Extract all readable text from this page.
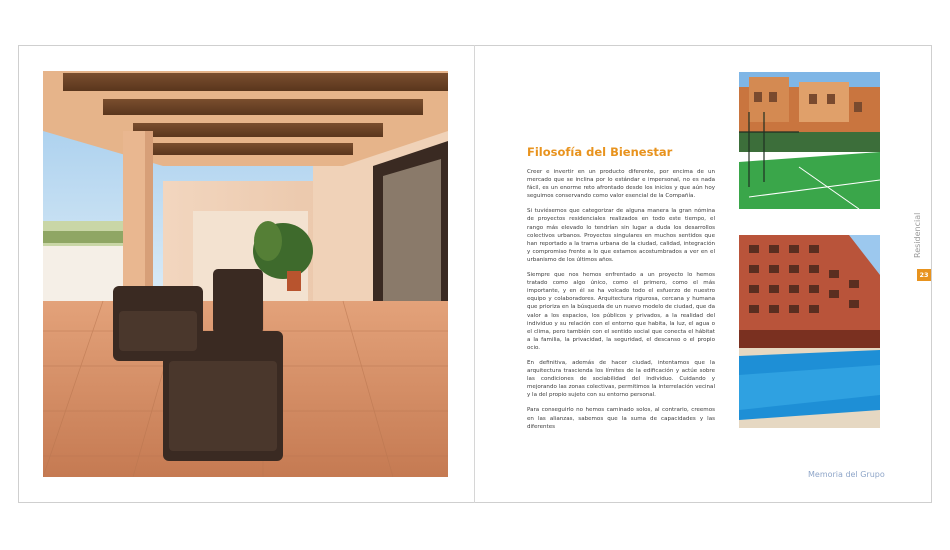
Filosofía del Bienestar

Creer e invertir en un producto diferente, por encima de un mercado que se inclina por lo estándar e impersonal, no es nada fácil, es un enorme reto afrontado desde los inicios y que aún hoy seguimos conservando como valor esencial de la Compañía.

Si tuviésemos que categorizar de alguna manera la gran nómina de proyectos residenciales realizados en todo este tiempo, el rango más elevado lo tendrían sin lugar a duda los desarrollos colectivos urbanos. Proyectos singulares en muchos sentidos que han reportado a la trama urbana de la ciudad, calidad, integración y compromiso frente a lo que estamos acostumbrados a ver en el urbanismo de los últimos años.

Siempre que nos hemos enfrentado a un proyecto lo hemos tratado como algo único, como el primero, como el más importante, y en él se ha volcado todo el esfuerzo de nuestro equipo y colaboradores. Arquitectura rigurosa, cercana y humana que prioriza en la búsqueda de un nuevo modelo de ciudad, que da valor a los espacios, los públicos y privados, a la realidad del individuo y su relación con el entorno que habita, la luz, el agua o el clima, pero también con el sentido social que conecta el hábitat a la familia, la privacidad, la seguridad, el descanso o el propio ocio.

En definitiva, además de hacer ciudad, intentamos que la arquitectura trascienda los límites de la edificación y actúe sobre las condiciones de sociabilidad del individuo. Cuidando y mejorando las zonas colectivas, permitimos la interrelación vecinal y la del propio sujeto con su entorno personal.

Para conseguirlo no hemos caminado solos, al contrario, creemos en las alianzas, sabemos que la suma de capacidades y las diferentes

Residencial
23
Memoria del Grupo
